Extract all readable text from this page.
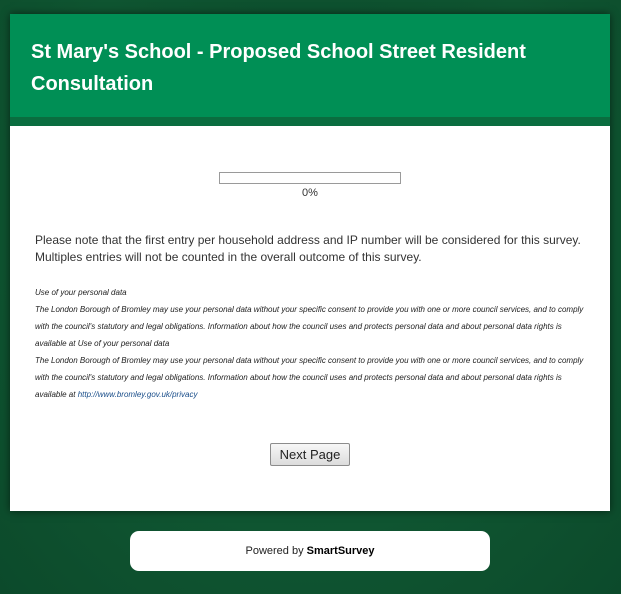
St Mary's School - Proposed School Street Resident Consultation
0%

Please note that the first entry per household address and IP number will be considered for this survey. Multiples entries will not be counted in the overall outcome of this survey.

Use of your personal data

The London Borough of Bromley may use your personal data without your specific consent to provide you with one or more council services, and to comply with the council's statutory and legal obligations. Information about how the council uses and protects personal data and about personal data rights is available at Use of your personal data

The London Borough of Bromley may use your personal data without your specific consent to provide you with one or more council services, and to comply with the council's statutory and legal obligations. Information about how the council uses and protects personal data and about personal data rights is available at http://www.bromley.gov.uk/privacy

Next Page
Powered by SmartSurvey
